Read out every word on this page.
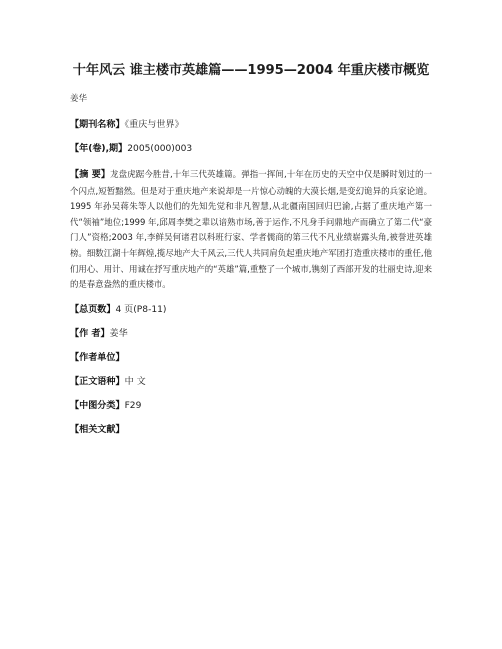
十年风云 谁主楼市英雄篇——1995—2004 年重庆楼市概览
姜华
【期刊名称】《重庆与世界》
【年(卷),期】2005(000)003
【摘 要】龙盘虎踞今胜昔,十年三代英雄篇。弹指一挥间,十年在历史的天空中仅是瞬时划过的一个闪点,短暂黯然。但是对于重庆地产来说却是一片惊心动魄的大漠长烟,是变幻诡异的兵家论道。 1995 年孙吴蒋朱等人以他们的先知先觉和非凡智慧,从北疆南国回归巴渝,占据了重庆地产第一代“领袖”地位;1999 年,邱周李樊之辈以谙熟市场,善于运作,不凡身手问鼎地产而确立了第二代“豪门人”资格;2003 年,李鲜吴何诸君以科班行家、学者儒商的第三代不凡业绩崭露头角,被誉进英雄榜。细数江湖十年辉煌,揽尽地产大千风云,三代人共同肩负起重庆地产军团打造重庆楼市的重任,他们用心、用计、用诚在抒写重庆地产的“英雄”篇,重整了一个城市,镌刻了西部开发的壮丽史诗,迎来的是春意盎然的重庆楼市。
【总页数】4 页(P8-11)
【作 者】姜华
【作者单位】
【正文语种】中 文
【中图分类】F29
【相关文献】
